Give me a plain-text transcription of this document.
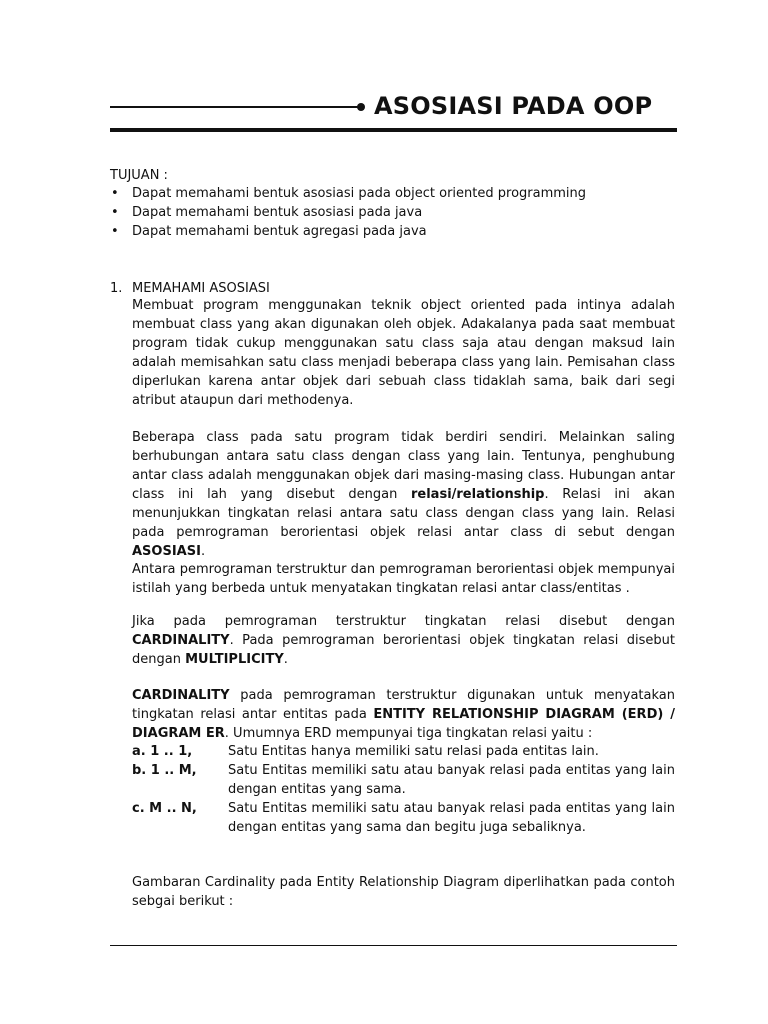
ASOSIASI PADA OOP
TUJUAN :
• Dapat memahami bentuk asosiasi pada object oriented programming
• Dapat memahami bentuk asosiasi pada java
• Dapat memahami bentuk agregasi pada java
1. MEMAHAMI ASOSIASI

Membuat program menggunakan teknik object oriented pada intinya adalah membuat class yang akan digunakan oleh objek. Adakalanya pada saat membuat program tidak cukup menggunakan satu class saja atau dengan maksud lain adalah memisahkan satu class menjadi beberapa class yang lain. Pemisahan class diperlukan karena antar objek dari sebuah class tidaklah sama, baik dari segi atribut ataupun dari methodenya.

Beberapa class pada satu program tidak berdiri sendiri. Melainkan saling berhubungan antara satu class dengan class yang lain. Tentunya, penghubung antar class adalah menggunakan objek dari masing-masing class. Hubungan antar class ini lah yang disebut dengan relasi/relationship. Relasi ini akan menunjukkan tingkatan relasi antara satu class dengan class yang lain. Relasi pada pemrograman berorientasi objek relasi antar class di sebut dengan ASOSIASI.

Antara pemrograman terstruktur dan pemrograman berorientasi objek mempunyai istilah yang berbeda untuk menyatakan tingkatan relasi antar class/entitas .

Jika pada pemrograman terstruktur tingkatan relasi disebut dengan CARDINALITY. Pada pemrograman berorientasi objek tingkatan relasi disebut dengan MULTIPLICITY.

CARDINALITY pada pemrograman terstruktur digunakan untuk menyatakan tingkatan relasi antar entitas pada ENTITY RELATIONSHIP DIAGRAM (ERD) / DIAGRAM ER. Umumnya ERD mempunyai tiga tingkatan relasi yaitu :

a. 1 .. 1,	Satu Entitas hanya memiliki satu relasi pada entitas lain.
b. 1 .. M,	Satu Entitas memiliki satu atau banyak relasi pada entitas yang lain dengan entitas yang sama.
c. M .. N,	Satu Entitas memiliki satu atau banyak relasi pada entitas yang lain dengan entitas yang sama dan begitu juga sebaliknya.

Gambaran Cardinality pada Entity Relationship Diagram diperlihatkan pada contoh sebgai berikut :
